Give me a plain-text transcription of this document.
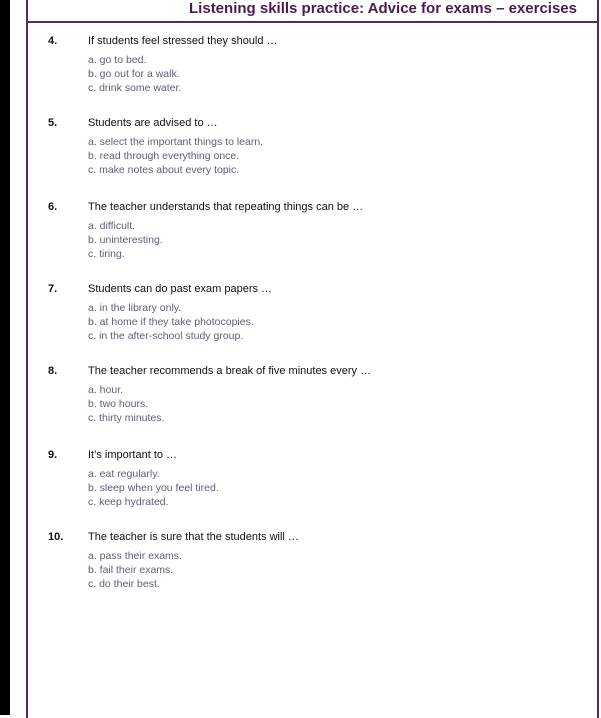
Listening skills practice: Advice for exams – exercises
4.	If students feel stressed they should …
a. go to bed.
b. go out for a walk.
c. drink some water.
5.	Students are advised to …
a. select the important things to learn.
b. read through everything once.
c. make notes about every topic.
6.	The teacher understands that repeating things can be …
a. difficult.
b. uninteresting.
c. tiring.
7.	Students can do past exam papers …
a. in the library only.
b. at home if they take photocopies.
c. in the after-school study group.
8.	The teacher recommends a break of five minutes every …
a. hour.
b. two hours.
c. thirty minutes.
9.	It’s important to …
a. eat regularly.
b. sleep when you feel tired.
c. keep hydrated.
10. The teacher is sure that the students will …
a. pass their exams.
b. fail their exams.
c. do their best.
